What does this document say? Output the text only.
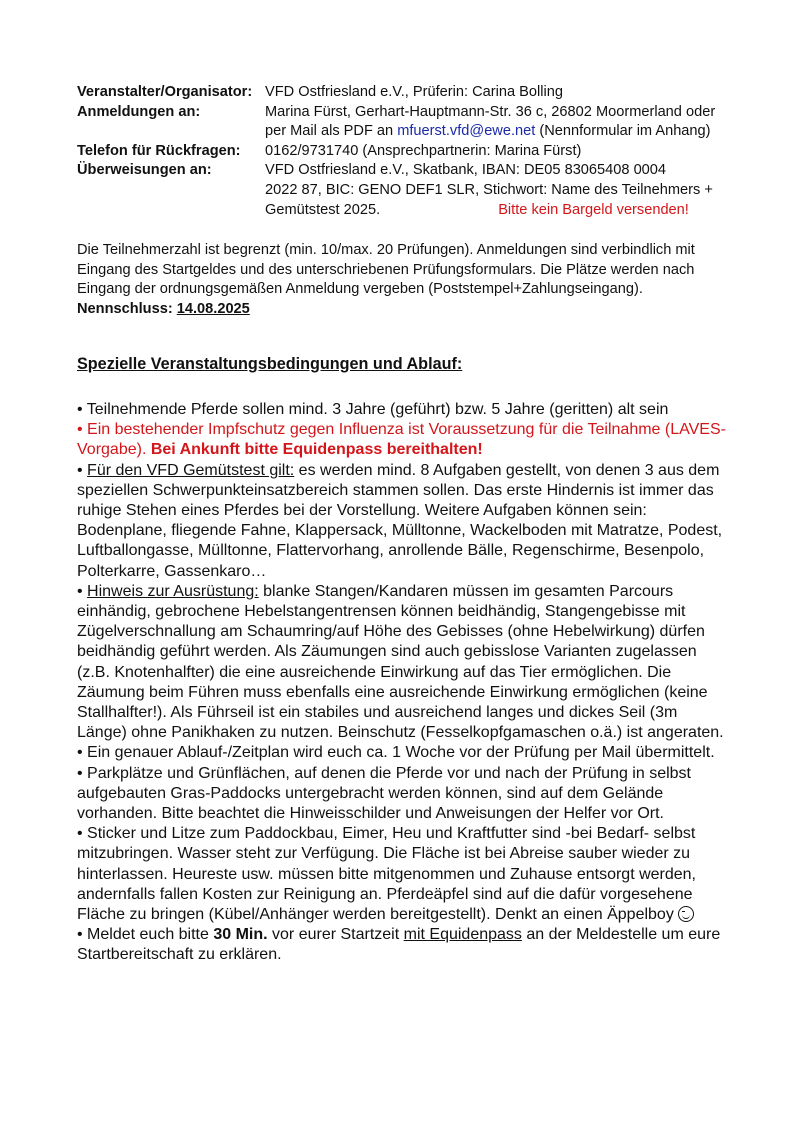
Veranstalter/Organisator: VFD Ostfriesland e.V., Prüferin: Carina Bolling
Anmeldungen an:	Marina Fürst, Gerhart-Hauptmann-Str. 36 c, 26802 Moormerland oder
per Mail als PDF an mfuerst.vfd@ewe.net (Nennformular im Anhang)
Telefon für Rückfragen:	0162/9731740 (Ansprechpartnerin: Marina Fürst)
Überweisungen an:	VFD Ostfriesland e.V., Skatbank, IBAN: DE05 83065408 0004
2022 87, BIC: GENO DEF1 SLR, Stichwort: Name des Teilnehmers +
Gemütstest 2025.	Bitte kein Bargeld versenden!
Die Teilnehmerzahl ist begrenzt (min. 10/max. 20 Prüfungen). Anmeldungen sind verbindlich mit Eingang des Startgeldes und des unterschriebenen Prüfungsformulars. Die Plätze werden nach Eingang der ordnungsgemäßen Anmeldung vergeben (Poststempel+Zahlungseingang).
Nennschluss: 14.08.2025
Spezielle Veranstaltungsbedingungen und Ablauf:

• Teilnehmende Pferde sollen mind. 3 Jahre (geführt) bzw. 5 Jahre (geritten) alt sein

• Ein bestehender Impfschutz gegen Influenza ist Voraussetzung für die Teilnahme (LAVES-Vorgabe). Bei Ankunft bitte Equidenpass bereithalten!

• Für den VFD Gemütstest gilt: es werden mind. 8 Aufgaben gestellt, von denen 3 aus dem speziellen Schwerpunkteinsatzbereich stammen sollen. Das erste Hindernis ist immer das ruhige Stehen eines Pferdes bei der Vorstellung. Weitere Aufgaben können sein: Bodenplane, fliegende Fahne, Klappersack, Mülltonne, Wackelboden mit Matratze, Podest, Luftballongasse, Mülltonne, Flattervorhang, anrollende Bälle, Regenschirme, Besenpolo, Polterkarre, Gassenkaro…

• Hinweis zur Ausrüstung: blanke Stangen/Kandaren müssen im gesamten Parcours einhändig, gebrochene Hebelstangentrensen können beidhändig, Stangengebisse mit Zügelverschnallung am Schaumring/auf Höhe des Gebisses (ohne Hebelwirkung) dürfen beidhändig geführt werden. Als Zäumungen sind auch gebisslose Varianten zugelassen (z.B. Knotenhalfter) die eine ausreichende Einwirkung auf das Tier ermöglichen. Die Zäumung beim Führen muss ebenfalls eine ausreichende Einwirkung ermöglichen (keine Stallhalfter!). Als Führseil ist ein stabiles und ausreichend langes und dickes Seil (3m Länge) ohne Panikhaken zu nutzen. Beinschutz (Fesselkopfgamaschen o.ä.) ist angeraten.

• Ein genauer Ablauf-/Zeitplan wird euch ca. 1 Woche vor der Prüfung per Mail übermittelt.

• Parkplätze und Grünflächen, auf denen die Pferde vor und nach der Prüfung in selbst aufgebauten Gras-Paddocks untergebracht werden können, sind auf dem Gelände vorhanden. Bitte beachtet die Hinweisschilder und Anweisungen der Helfer vor Ort.

• Sticker und Litze zum Paddockbau, Eimer, Heu und Kraftfutter sind -bei Bedarf- selbst mitzubringen. Wasser steht zur Verfügung. Die Fläche ist bei Abreise sauber wieder zu hinterlassen. Heureste usw. müssen bitte mitgenommen und Zuhause entsorgt werden, andernfalls fallen Kosten zur Reinigung an. Pferdeäpfel sind auf die dafür vorgesehene Fläche zu bringen (Kübel/Anhänger werden bereitgestellt). Denkt an einen Äppelboy

• Meldet euch bitte 30 Min. vor eurer Startzeit mit Equidenpass an der Meldestelle um eure Startbereitschaft zu erklären.
